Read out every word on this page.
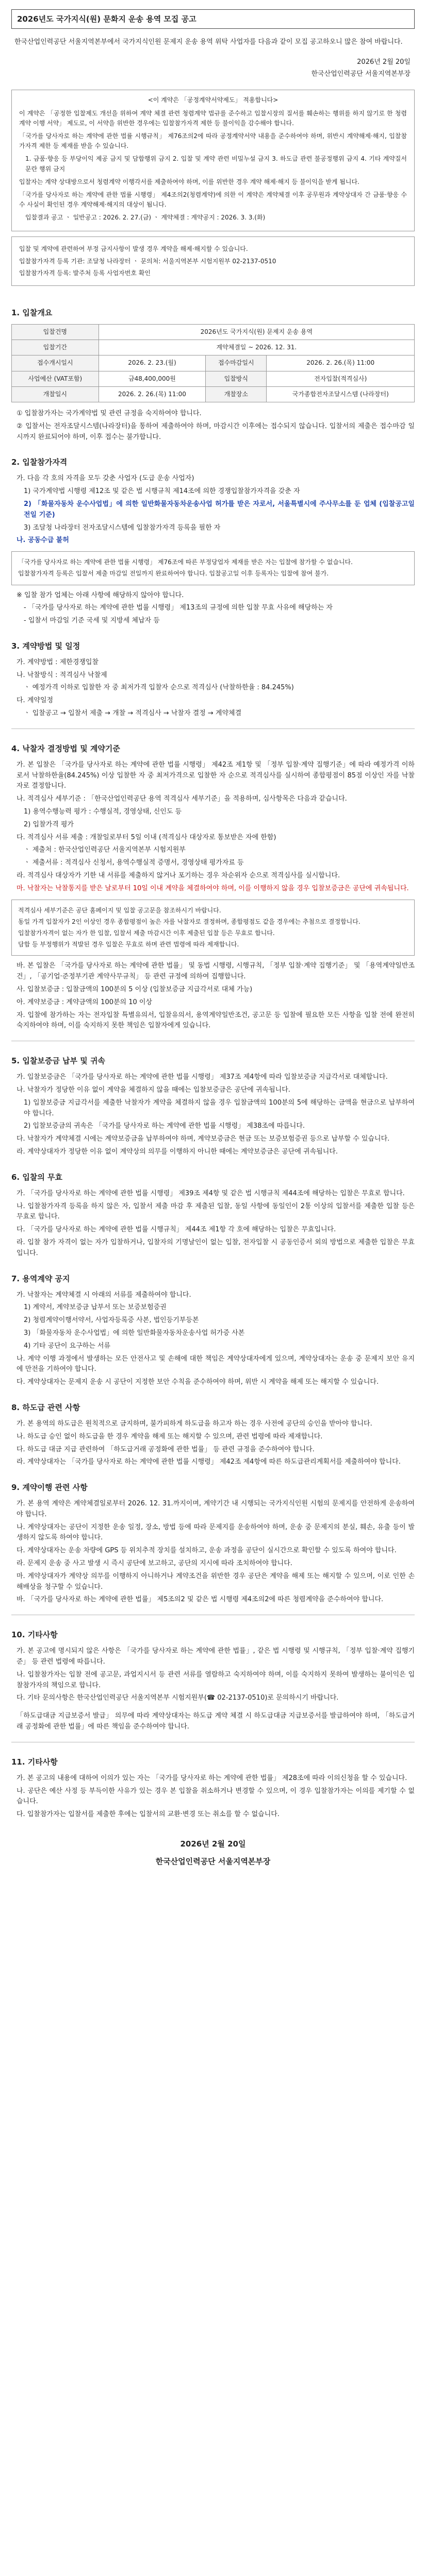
2026년도 국가지식(원) 문화지 운송 용역 모집 공고

한국산업인력공단 서울지역본부에서 국가지식인원 문제지 운송 용역 위탁 사업자를 다음과 같이 모집 공고하오니 많은 참여 바랍니다.

2026년 2월 20일
한국산업인력공단 서울지역본부장
<이 계약은 「공정계약서약제도」 적용합니다>

이 계약은 「공정한 입찰제도 개선을 위하여 계약 체결 관련 청렴계약 법규를 준수하고 입찰시장의 질서를 훼손하는 행위를 하지 않기로 한 청렴계약 이행 서약」 제도로, 이 서약을 위반한 경우에는 입찰참가자격 제한 등 불이익을 감수해야 합니다.

「국가를 당사자로 하는 계약에 관한 법률 시행규칙」 제76조의2에 따라 공정계약서약 내용을 준수하여야 하며, 위반시 계약해제·해지, 입찰참가자격 제한 등 제재를 받을 수 있습니다.

1. 금품·향응 등 부당이익 제공 금지 및 담합행위 금지 2. 입찰 및 계약 관련 비밀누설 금지 3. 하도급 관련 불공정행위 금지 4. 기타 계약질서 문란 행위 금지

입찰자는 계약 상대방으로서 청렴계약 이행각서를 제출하여야 하며, 이를 위반한 경우 계약 해제·해지 등 불이익을 받게 됩니다.

「국가를 당사자로 하는 계약에 관한 법률 시행령」 제4조의2(청렴계약)에 의한 이 계약은 계약체결 이후 공무원과 계약상대자 간 금품·향응 수수 사실이 확인된 경우 계약해제·해지의 대상이 됩니다.

입찰결과 공고 ㆍ 일반공고 : 2026. 2. 27.(금) ㆍ 계약체결 : 계약공지 : 2026. 3. 3.(화)

입찰 및 계약에 관련하여 부정 금지사항이 발생 경우 계약을 해제·해지할 수 있습니다.

입찰참가자격 등록 기관: 조달청 나라장터 ㆍ 문의처: 서울지역본부 시험지원부 02-2137-0510

입찰참가자격 등록: 발주처 등록 사업자번호 확인

1. 입찰개요
입찰건명	2026년도 국가지식(원) 문제지 운송 용역		
입찰기간	계약체결일 ~ 2026. 12. 31.		
접수개시일시	2026. 2. 23.(월)	접수마감일시	2026. 2. 26.(목) 11:00
사업예산 (VAT포함)	금48,400,000원	입찰방식	전자입찰(적격심사)
개찰일시	2026. 2. 26.(목) 11:00	개찰장소	국가종합전자조달시스템 (나라장터)

① 입찰참가자는 국가계약법 및 관련 규정을 숙지하여야 합니다.

② 입찰서는 전자조달시스템(나라장터)을 통하여 제출하여야 하며, 마감시간 이후에는 접수되지 않습니다. 입찰서의 제출은 접수마감 일시까지 완료되어야 하며, 이후 접수는 불가합니다.

2. 입찰참가자격

가. 다음 각 호의 자격을 모두 갖춘 사업자 (도급 운송 사업자)

1) 국가계약법 시행령 제12조 및 같은 법 시행규칙 제14조에 의한 경쟁입찰참가자격을 갖춘 자

2) 「화물자동차 운수사업법」에 의한 일반화물자동차운송사업 허가를 받은 자로서, 서울특별시에 주사무소를 둔 업체 (입찰공고일 전일 기준)

3) 조달청 나라장터 전자조달시스템에 입찰참가자격 등록을 필한 자

나. 공동수급 불허

「국가를 당사자로 하는 계약에 관한 법률 시행령」 제76조에 따른 부정당업자 제재를 받은 자는 입찰에 참가할 수 없습니다.

입찰참가자격 등록은 입찰서 제출 마감일 전일까지 완료하여야 합니다. 입찰공고일 이후 등록자는 입찰에 참여 불가.

※ 입찰 참가 업체는 아래 사항에 해당하지 않아야 합니다.

- 「국가를 당사자로 하는 계약에 관한 법률 시행령」 제13조의 규정에 의한 입찰 무효 사유에 해당하는 자

- 입찰서 마감일 기준 국세 및 지방세 체납자 등

3. 계약방법 및 일정

가. 계약방법 : 제한경쟁입찰

나. 낙찰방식 : 적격심사 낙찰제

ㆍ 예정가격 이하로 입찰한 자 중 최저가격 입찰자 순으로 적격심사 (낙찰하한율 : 84.245%)

다. 계약일정

ㆍ 입찰공고 → 입찰서 제출 → 개찰 → 적격심사 → 낙찰자 결정 → 계약체결

4. 낙찰자 결정방법 및 계약기준

가. 본 입찰은 「국가를 당사자로 하는 계약에 관한 법률 시행령」 제42조 제1항 및 「정부 입찰·계약 집행기준」에 따라 예정가격 이하로서 낙찰하한율(84.245%) 이상 입찰한 자 중 최저가격으로 입찰한 자 순으로 적격심사를 실시하여 종합평점이 85점 이상인 자를 낙찰자로 결정합니다.

나. 적격심사 세부기준 : 「한국산업인력공단 용역 적격심사 세부기준」을 적용하며, 심사항목은 다음과 같습니다.

1) 용역수행능력 평가 : 수행실적, 경영상태, 신인도 등

2) 입찰가격 평가

다. 적격심사 서류 제출 : 개찰일로부터 5일 이내 (적격심사 대상자로 통보받은 자에 한함)

ㆍ 제출처 : 한국산업인력공단 서울지역본부 시험지원부

ㆍ 제출서류 : 적격심사 신청서, 용역수행실적 증명서, 경영상태 평가자료 등

라. 적격심사 대상자가 기한 내 서류를 제출하지 않거나 포기하는 경우 차순위자 순으로 적격심사를 실시합니다.

마. 낙찰자는 낙찰통지를 받은 날로부터 10일 이내 계약을 체결하여야 하며, 이를 이행하지 않을 경우 입찰보증금은 공단에 귀속됩니다.

적격심사 세부기준은 공단 홈페이지 및 입찰 공고문을 참조하시기 바랍니다.

동일 가격 입찰자가 2인 이상인 경우 종합평점이 높은 자를 낙찰자로 결정하며, 종합평점도 같을 경우에는 추첨으로 결정합니다.

입찰참가자격이 없는 자가 한 입찰, 입찰서 제출 마감시간 이후 제출된 입찰 등은 무효로 합니다.

담합 등 부정행위가 적발된 경우 입찰은 무효로 하며 관련 법령에 따라 제재합니다.

바. 본 입찰은 「국가를 당사자로 하는 계약에 관한 법률」 및 동법 시행령, 시행규칙, 「정부 입찰·계약 집행기준」 및 「용역계약일반조건」, 「공기업·준정부기관 계약사무규칙」 등 관련 규정에 의하여 집행합니다.

사. 입찰보증금 : 입찰금액의 100분의 5 이상 (입찰보증금 지급각서로 대체 가능)

아. 계약보증금 : 계약금액의 100분의 10 이상

자. 입찰에 참가하는 자는 전자입찰 특별유의서, 입찰유의서, 용역계약일반조건, 공고문 등 입찰에 필요한 모든 사항을 입찰 전에 완전히 숙지하여야 하며, 이를 숙지하지 못한 책임은 입찰자에게 있습니다.

5. 입찰보증금 납부 및 귀속

가. 입찰보증금은 「국가를 당사자로 하는 계약에 관한 법률 시행령」 제37조 제4항에 따라 입찰보증금 지급각서로 대체합니다.

나. 낙찰자가 정당한 이유 없이 계약을 체결하지 않을 때에는 입찰보증금은 공단에 귀속됩니다.

1) 입찰보증금 지급각서를 제출한 낙찰자가 계약을 체결하지 않을 경우 입찰금액의 100분의 5에 해당하는 금액을 현금으로 납부하여야 합니다.

2) 입찰보증금의 귀속은 「국가를 당사자로 하는 계약에 관한 법률 시행령」 제38조에 따릅니다.

다. 낙찰자가 계약체결 시에는 계약보증금을 납부하여야 하며, 계약보증금은 현금 또는 보증보험증권 등으로 납부할 수 있습니다.

라. 계약상대자가 정당한 이유 없이 계약상의 의무를 이행하지 아니한 때에는 계약보증금은 공단에 귀속됩니다.

6. 입찰의 무효

가. 「국가를 당사자로 하는 계약에 관한 법률 시행령」 제39조 제4항 및 같은 법 시행규칙 제44조에 해당하는 입찰은 무효로 합니다.

나. 입찰참가자격 등록을 하지 않은 자, 입찰서 제출 마감 후 제출된 입찰, 동일 사항에 동일인이 2통 이상의 입찰서를 제출한 입찰 등은 무효로 합니다.

다. 「국가를 당사자로 하는 계약에 관한 법률 시행규칙」 제44조 제1항 각 호에 해당하는 입찰은 무효입니다.

라. 입찰 참가 자격이 없는 자가 입찰하거나, 입찰자의 기명날인이 없는 입찰, 전자입찰 시 공동인증서 외의 방법으로 제출한 입찰은 무효입니다.

7. 용역계약 공지

가. 낙찰자는 계약체결 시 아래의 서류를 제출하여야 합니다.

1) 계약서, 계약보증금 납부서 또는 보증보험증권

2) 청렴계약이행서약서, 사업자등록증 사본, 법인등기부등본

3) 「화물자동차 운수사업법」에 의한 일반화물자동차운송사업 허가증 사본

4) 기타 공단이 요구하는 서류

나. 계약 이행 과정에서 발생하는 모든 안전사고 및 손해에 대한 책임은 계약상대자에게 있으며, 계약상대자는 운송 중 문제지 보안 유지에 만전을 기하여야 합니다.

다. 계약상대자는 문제지 운송 시 공단이 지정한 보안 수칙을 준수하여야 하며, 위반 시 계약을 해제 또는 해지할 수 있습니다.

8. 하도급 관련 사항

가. 본 용역의 하도급은 원칙적으로 금지하며, 불가피하게 하도급을 하고자 하는 경우 사전에 공단의 승인을 받아야 합니다.

나. 하도급 승인 없이 하도급을 한 경우 계약을 해제 또는 해지할 수 있으며, 관련 법령에 따라 제재합니다.

다. 하도급 대금 지급 관련하여 「하도급거래 공정화에 관한 법률」 등 관련 규정을 준수하여야 합니다.

라. 계약상대자는 「국가를 당사자로 하는 계약에 관한 법률 시행령」 제42조 제4항에 따른 하도급관리계획서를 제출하여야 합니다.

9. 계약이행 관련 사항

가. 본 용역 계약은 계약체결일로부터 2026. 12. 31.까지이며, 계약기간 내 시행되는 국가지식인원 시험의 문제지를 안전하게 운송하여야 합니다.

나. 계약상대자는 공단이 지정한 운송 일정, 장소, 방법 등에 따라 문제지를 운송하여야 하며, 운송 중 문제지의 분실, 훼손, 유출 등이 발생하지 않도록 하여야 합니다.

다. 계약상대자는 운송 차량에 GPS 등 위치추적 장치를 설치하고, 운송 과정을 공단이 실시간으로 확인할 수 있도록 하여야 합니다.

라. 문제지 운송 중 사고 발생 시 즉시 공단에 보고하고, 공단의 지시에 따라 조치하여야 합니다.

마. 계약상대자가 계약상 의무를 이행하지 아니하거나 계약조건을 위반한 경우 공단은 계약을 해제 또는 해지할 수 있으며, 이로 인한 손해배상을 청구할 수 있습니다.

바. 「국가를 당사자로 하는 계약에 관한 법률」 제5조의2 및 같은 법 시행령 제4조의2에 따른 청렴계약을 준수하여야 합니다.

10. 기타사항

가. 본 공고에 명시되지 않은 사항은 「국가를 당사자로 하는 계약에 관한 법률」, 같은 법 시행령 및 시행규칙, 「정부 입찰·계약 집행기준」 등 관련 법령에 따릅니다.

나. 입찰참가자는 입찰 전에 공고문, 과업지시서 등 관련 서류를 열람하고 숙지하여야 하며, 이를 숙지하지 못하여 발생하는 불이익은 입찰참가자의 책임으로 합니다.

다. 기타 문의사항은 한국산업인력공단 서울지역본부 시험지원부(☎ 02-2137-0510)로 문의하시기 바랍니다.

「하도급대금 지급보증서 발급」 의무에 따라 계약상대자는 하도급 계약 체결 시 하도급대금 지급보증서를 발급하여야 하며, 「하도급거래 공정화에 관한 법률」에 따른 책임을 준수하여야 합니다.

11. 기타사항

가. 본 공고의 내용에 대하여 이의가 있는 자는 「국가를 당사자로 하는 계약에 관한 법률」 제28조에 따라 이의신청을 할 수 있습니다.

나. 공단은 예산 사정 등 부득이한 사유가 있는 경우 본 입찰을 취소하거나 변경할 수 있으며, 이 경우 입찰참가자는 이의를 제기할 수 없습니다.

다. 입찰참가자는 입찰서를 제출한 후에는 입찰서의 교환·변경 또는 취소를 할 수 없습니다.

2026년 2월 20일
한국산업인력공단 서울지역본부장
